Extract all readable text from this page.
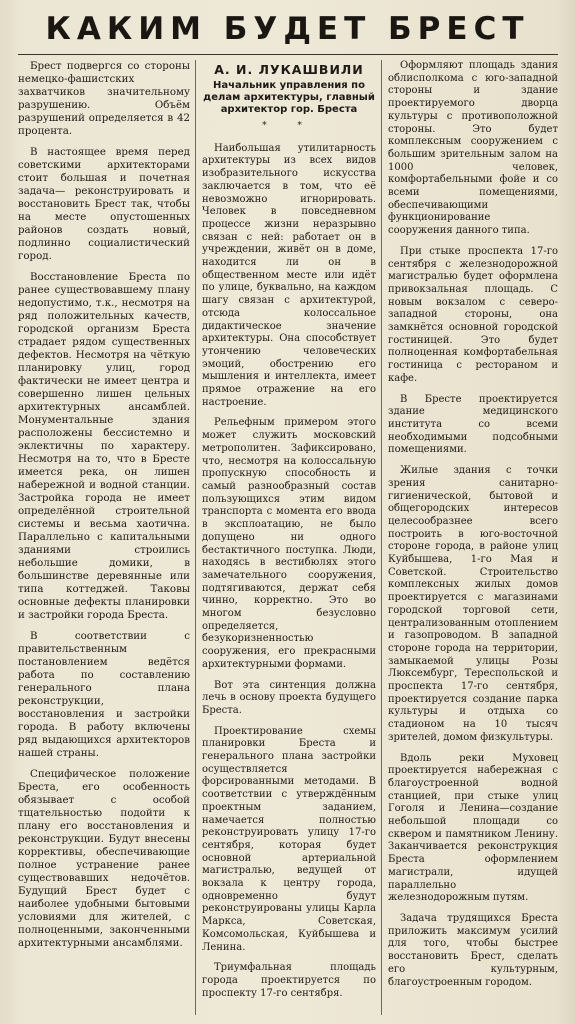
КАКИМ БУДЕТ БРЕСТ

Брест подвергся со стороны немецко-фашистских захватчиков значительному разрушению. Объём разрушений определяется в 42 процента.

В настоящее время перед советскими архитекторами стоит большая и почетная задача— реконструировать и восстановить Брест так, чтобы на месте опустошенных районов создать новый, подлинно социалистический город.

Восстановление Бреста по ранее существовавшему плану недопустимо, т.к., несмотря на ряд положительных качеств, городской организм Бреста страдает рядом существенных дефектов. Несмотря на чёткую планировку улиц, город фактически не имеет центра и совершенно лишен цельных архитектурных ансамблей. Монументальные здания расположены бессистемно и эклектичны по характеру. Несмотря на то, что в Бресте имеется река, он лишен набережной и водной станции. Застройка города не имеет определённой строительной системы и весьма хаотична. Параллельно с капитальными зданиями строились небольшие домики, в большинстве деревянные или типа коттеджей. Таковы основные дефекты планировки и застройки города Бреста.

В соответствии с правительственным постановлением ведётся работа по составлению генерального плана реконструкции, восстановления и застройки города. В работу включены ряд выдающихся архитекторов нашей страны.

Специфическое положение Бреста, его особенность обязывает с особой тщательностью подойти к плану его восстановления и реконструкции. Будут внесены коррективы, обеспечивающие полное устранение ранее существовавших недочётов. Будущий Брест будет с наиболее удобными бытовыми условиями для жителей, с полноценными, законченными архитектурными ансамблями.

А. И. ЛУКАШВИЛИ
Начальник управления по делам архитектуры, главный архитектор гор. Бреста
* *

Наибольшая утилитарность архитектуры из всех видов изобразительного искусства заключается в том, что её невозможно игнорировать. Человек в повседневном процессе жизни неразрывно связан с ней: работает он в учреждении, живёт он в доме, находится ли он в общественном месте или идёт по улице, буквально, на каждом шагу связан с архитектурой, отсюда колоссальное дидактическое значение архитектуры. Она способствует утончению человеческих эмоций, обострению его мышления и интеллекта, имеет прямое отражение на его настроение.

Рельефным примером этого может служить московский метрополитен. Зафиксировано, что, несмотря на колоссальную пропускную способность и самый разнообразный состав пользующихся этим видом транспорта с момента его ввода в эксплоатацию, не было допущено ни одного бестактичного поступка. Люди, находясь в вестибюлях этого замечательного сооружения, подтягиваются, держат себя чинно, корректно. Это во многом безусловно определяется, безукоризненностью сооружения, его прекрасными архитектурными формами.

Вот эта синтенция должна лечь в основу проекта будущего Бреста.

Проектирование схемы планировки Бреста и генерального плана застройки осуществляется форсированными методами. В соответствии с утверждённым проектным заданием, намечается полностью реконструировать улицу 17-го сентября, которая будет основной артериальной магистралью, ведущей от вокзала к центру города, одновременно будут реконструированы улицы Карла Маркса, Советская, Комсомольская, Куйбышева и Ленина.

Триумфальная площадь города проектируется по проспекту 17-го сентября.

Оформляют площадь здания облисполкома с юго-западной стороны и здание проектируемого дворца культуры с противоположной стороны. Это будет комплексным сооружением с большим зрительным залом на 1000 человек, комфортабельными фойе и со всеми помещениями, обеспечивающими функционирование сооружения данного типа.

При стыке проспекта 17-го сентября с железнодорожной магистралью будет оформлена привокзальная площадь. С новым вокзалом с северо-западной стороны, она замкнётся основной городской гостиницей. Это будет полноценная комфортабельная гостиница с рестораном и кафе.

В Бресте проектируется здание медицинского института со всеми необходимыми подсобными помещениями.

Жилые здания с точки зрения санитарно-гигиенической, бытовой и общегородских интересов целесообразнее всего построить в юго-восточной стороне города, в районе улиц Куйбышева, 1-го Мая и Советской. Строительство комплексных жилых домов проектируется с магазинами городской торговой сети, централизованным отоплением и газопроводом. В западной стороне города на территории, замыкаемой улицы Розы Люксембург, Тереспольской и проспекта 17-го сентября, проектируется создание парка культуры и отдыха со стадионом на 10 тысяч зрителей, домом физкультуры.

Вдоль реки Муховец проектируется набережная с благоустроенной водной станцией, при стыке улиц Гоголя и Ленина—создание небольшой площади со сквером и памятником Ленину. Заканчивается реконструкция Бреста оформлением магистрали, идущей параллельно железнодорожным путям.

Задача трудящихся Бреста приложить максимум усилий для того, чтобы быстрее восстановить Брест, сделать его культурным, благоустроенным городом.
